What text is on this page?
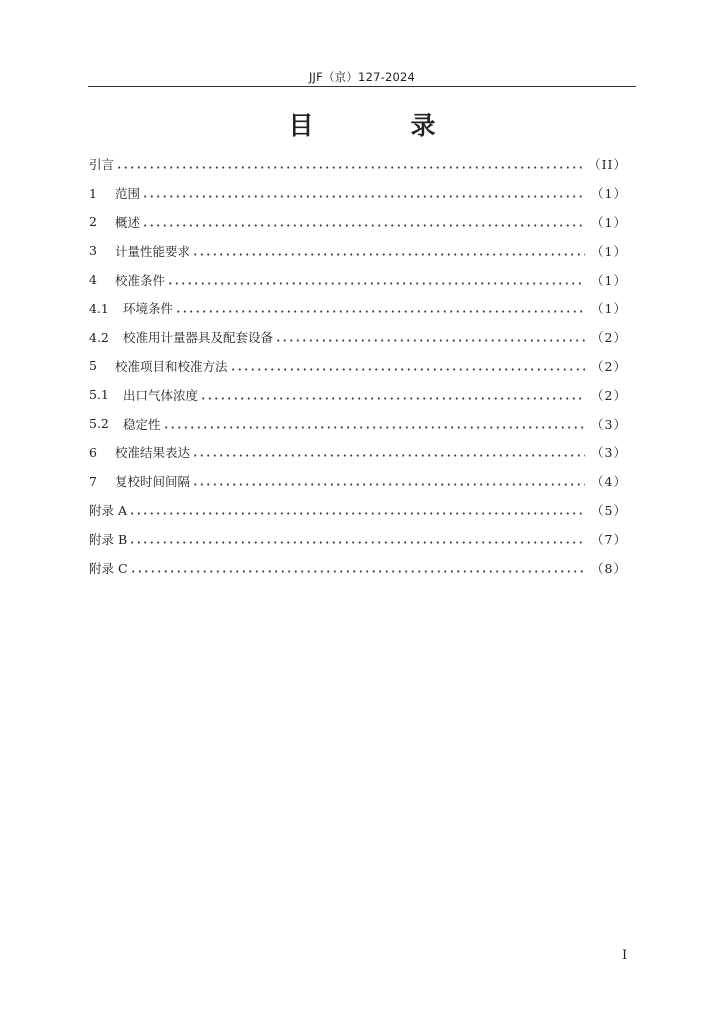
JJF（京）127-2024
目　录
引言	（II）
1	范围	（1）
2	概述	（1）
3	计量性能要求	（1）
4	校准条件	（1）
4.1	环境条件	（1）
4.2	校准用计量器具及配套设备	（2）
5	校准项目和校准方法	（2）
5.1	出口气体浓度	（2）
5.2	稳定性	（3）
6	校准结果表达	（3）
7	复校时间间隔	（4）
附录 A	（5）
附录 B	（7）
附录 C	（8）
I
